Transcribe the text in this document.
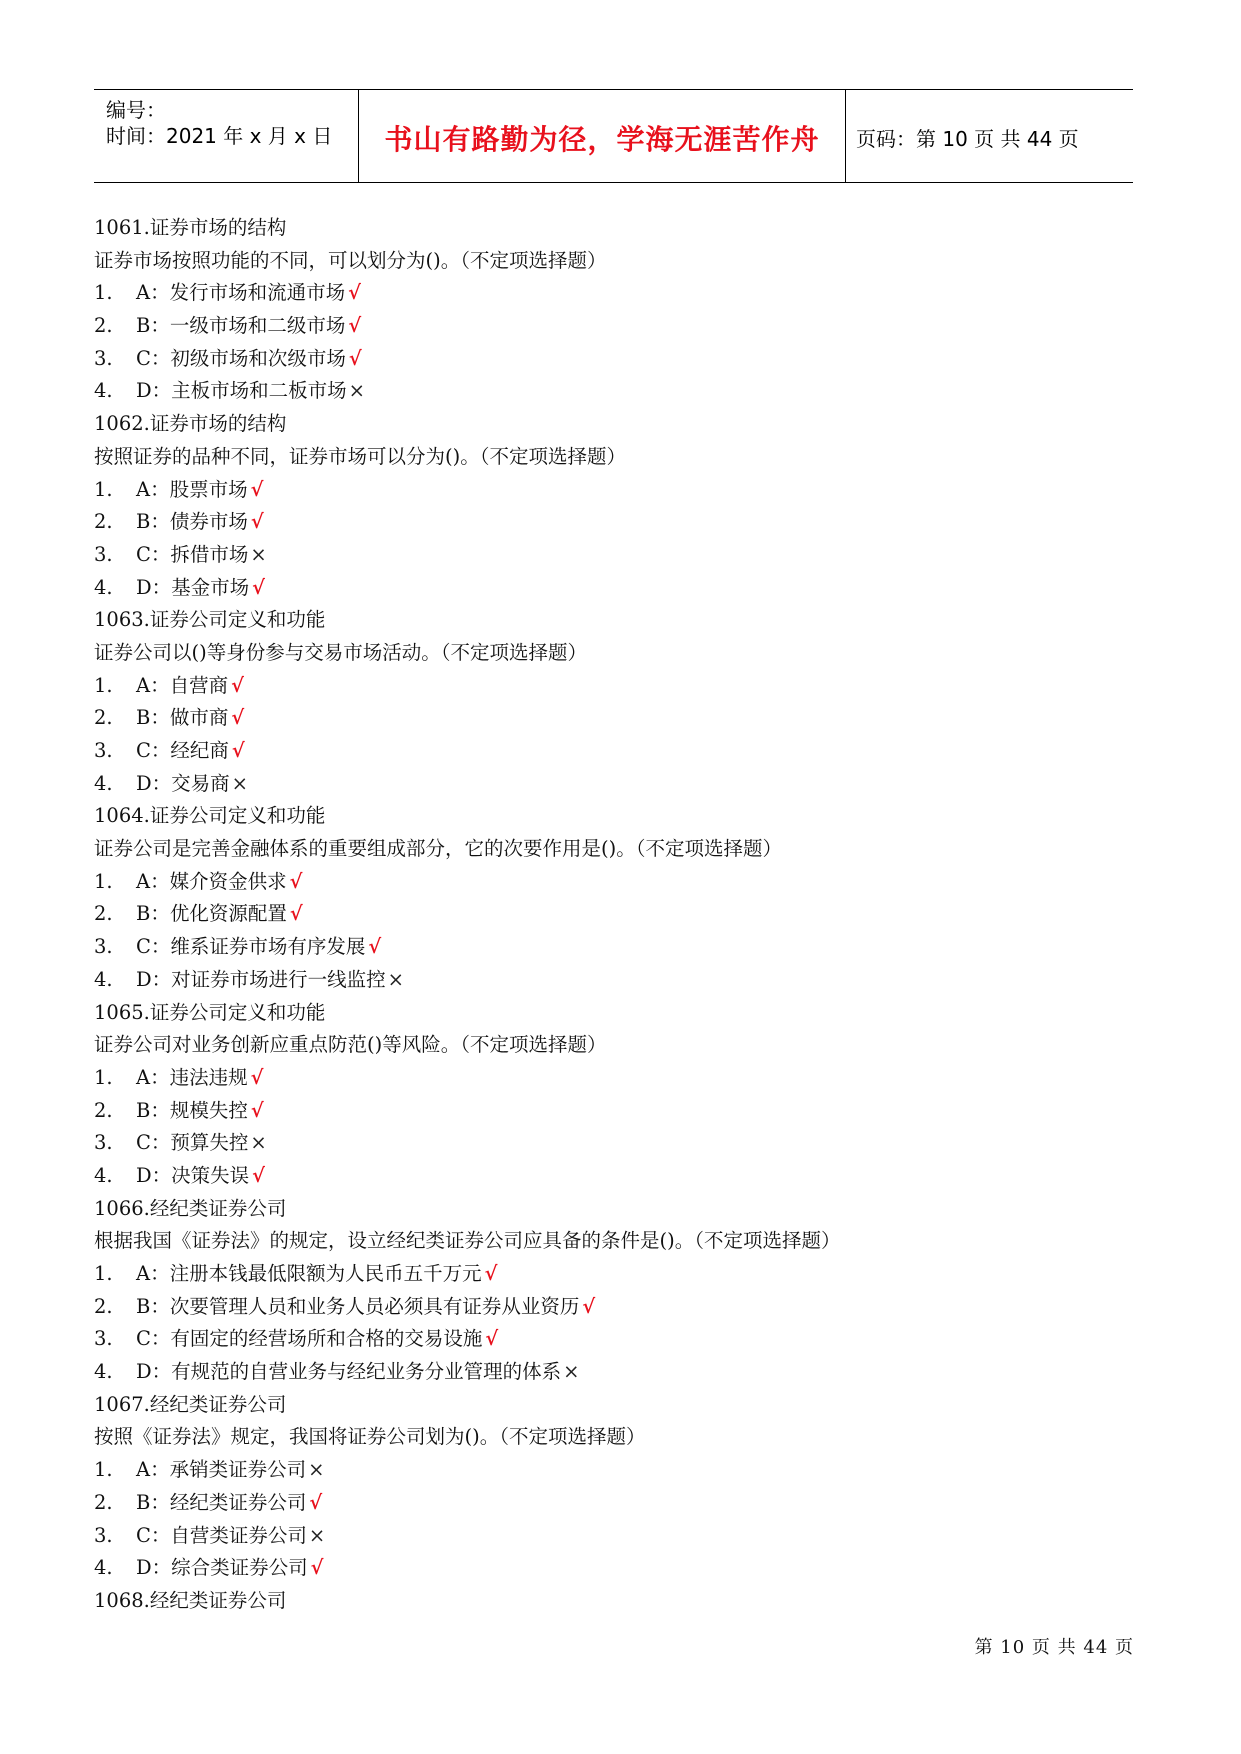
编号：
时间：2021 年 x 月 x 日	书山有路勤为径，学海无涯苦作舟	页码：第 10 页 共 44 页
1061.证券市场的结构
证券市场按照功能的不同，可以划分为()。（不定项选择题）
1. A：发行市场和流通市场 √
2. B：一级市场和二级市场 √
3. C：初级市场和次级市场 √
4. D：主板市场和二板市场 ×
1062.证券市场的结构
按照证券的品种不同，证券市场可以分为()。（不定项选择题）
1. A：股票市场 √
2. B：债券市场 √
3. C：拆借市场 ×
4. D：基金市场 √
1063.证券公司定义和功能
证券公司以()等身份参与交易市场活动。（不定项选择题）
1. A：自营商 √
2. B：做市商 √
3. C：经纪商 √
4. D：交易商 ×
1064.证券公司定义和功能
证券公司是完善金融体系的重要组成部分，它的次要作用是()。（不定项选择题）
1. A：媒介资金供求 √
2. B：优化资源配置 √
3. C：维系证券市场有序发展 √
4. D：对证券市场进行一线监控 ×
1065.证券公司定义和功能
证券公司对业务创新应重点防范()等风险。（不定项选择题）
1. A：违法违规 √
2. B：规模失控 √
3. C：预算失控 ×
4. D：决策失误 √
1066.经纪类证券公司
根据我国《证券法》的规定，设立经纪类证券公司应具备的条件是()。（不定项选择题）
1. A：注册本钱最低限额为人民币五千万元 √
2. B：次要管理人员和业务人员必须具有证券从业资历 √
3. C：有固定的经营场所和合格的交易设施 √
4. D：有规范的自营业务与经纪业务分业管理的体系 ×
1067.经纪类证券公司
按照《证券法》规定，我国将证券公司划为()。（不定项选择题）
1. A：承销类证券公司 ×
2. B：经纪类证券公司 √
3. C：自营类证券公司 ×
4. D：综合类证券公司 √
1068.经纪类证券公司
第 10 页 共 44 页
